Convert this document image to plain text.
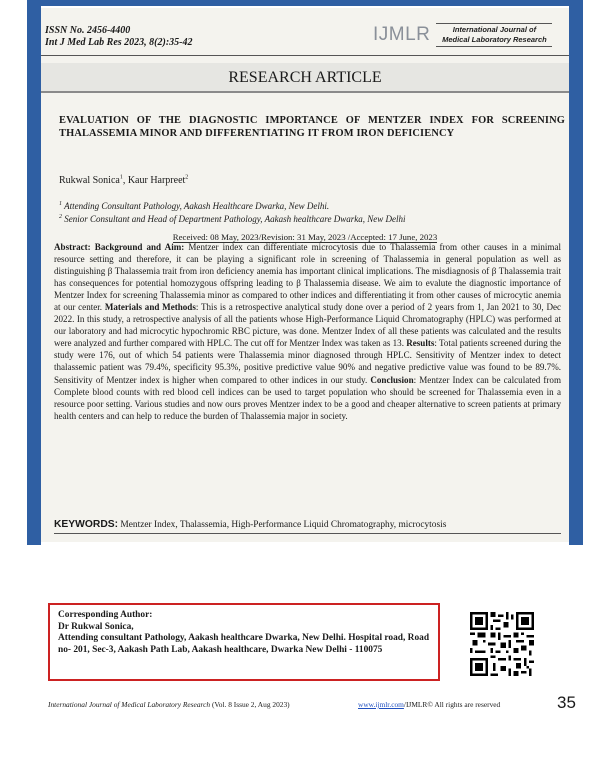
ISSN No. 2456-4400
Int J Med Lab Res 2023, 8(2):35-42	IJMLR	International Journal of
Medical Laboratory Research
RESEARCH ARTICLE
EVALUATION OF THE DIAGNOSTIC IMPORTANCE OF MENTZER INDEX FOR SCREENING THALASSEMIA MINOR AND DIFFERENTIATING IT FROM IRON DEFICIENCY
Rukwal Sonica$^1$, Kaur Harpreet$^2$
$^1$ Attending Consultant Pathology, Aakash Healthcare Dwarka, New Delhi.
$^2$ Senior Consultant and Head of Department Pathology, Aakash healthcare Dwarka, New Delhi
Received: 08 May, 2023/Revision: 31 May, 2023 /Accepted: 17 June, 2023
Abstract: Background and Aim: Mentzer index can differentiate microcytosis due to Thalassemia from other causes in a minimal resource setting and therefore, it can be playing a significant role in screening of Thalassemia in general population as well as distinguishing β Thalassemia trait from iron deficiency anemia has important clinical implications. The misdiagnosis of β Thalassemia trait has consequences for potential homozygous offspring leading to β Thalassemia disease. We aim to evalute the diagnostic importance of Mentzer Index for screening Thalassemia minor as compared to other indices and differentiating it from other causes of microcytic anemia at our center. Materials and Methods: This is a retrospective analytical study done over a period of 2 years from 1, Jan 2021 to 30, Dec 2022. In this study, a retrospective analysis of all the patients whose High-Performance Liquid Chromatography (HPLC) was performed at our laboratory and had microcytic hypochromic RBC picture, was done. Mentzer Index of all these patients was calculated and the results were analyzed and further compared with HPLC. The cut off for Mentzer Index was taken as 13. Results: Total patients screened during the study were 176, out of which 54 patients were Thalassemia minor diagnosed through HPLC. Sensitivity of Mentzer index to detect thalassemic patient was 79.4%, specificity 95.3%, positive predictive value 90% and negative predictive value was found to be 89.7%. Sensitivity of Mentzer index is higher when compared to other indices in our study. Conclusion: Mentzer Index can be calculated from Complete blood counts with red blood cell indices can be used to target population who should be screened for Thalassemia even in a resource poor setting. Various studies and now ours proves Mentzer index to be a good and cheaper alternative to screen patients at primary health centers and can help to reduce the burden of Thalassemia major in society.
KEYWORDS: Mentzer Index, Thalassemia, High-Performance Liquid Chromatography, microcytosis
Corresponding Author:
Dr Rukwal Sonica,
Attending consultant Pathology, Aakash healthcare Dwarka, New Delhi. Hospital road, Road no- 201, Sec-3, Aakash Path Lab, Aakash healthcare, Dwarka New Delhi - 110075
International Journal of Medical Laboratory Research (Vol. 8 Issue 2, Aug 2023)	www.ijmlr.com/IJMLR© All rights are reserved	35
